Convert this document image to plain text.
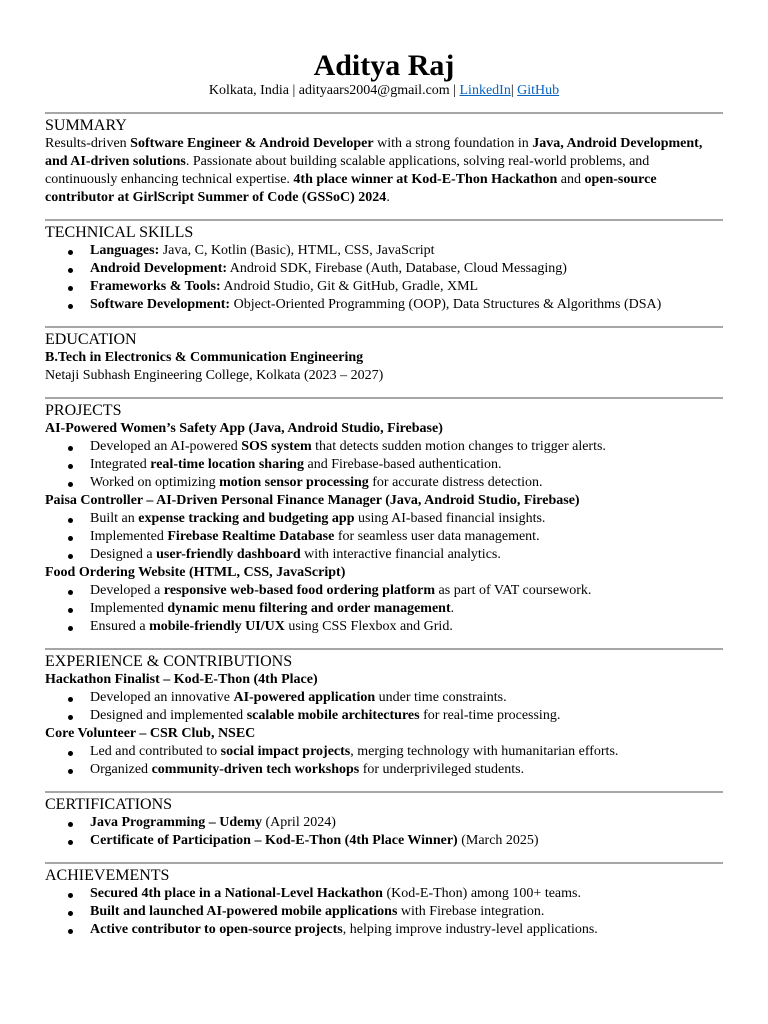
Aditya Raj
Kolkata, India | adityaars2004@gmail.com | LinkedIn| GitHub
SUMMARY

Results-driven Software Engineer & Android Developer with a strong foundation in Java, Android Development, and AI-driven solutions. Passionate about building scalable applications, solving real-world problems, and continuously enhancing technical expertise. 4th place winner at Kod-E-Thon Hackathon and open-source contributor at GirlScript Summer of Code (GSSoC) 2024.

TECHNICAL SKILLS
Languages: Java, C, Kotlin (Basic), HTML, CSS, JavaScript
Android Development: Android SDK, Firebase (Auth, Database, Cloud Messaging)
Frameworks & Tools: Android Studio, Git & GitHub, Gradle, XML
Software Development: Object-Oriented Programming (OOP), Data Structures & Algorithms (DSA)
EDUCATION

B.Tech in Electronics & Communication Engineering

Netaji Subhash Engineering College, Kolkata (2023 – 2027)
PROJECTS

AI-Powered Women’s Safety App (Java, Android Studio, Firebase)

Developed an AI-powered SOS system that detects sudden motion changes to trigger alerts.
Integrated real-time location sharing and Firebase-based authentication.
Worked on optimizing motion sensor processing for accurate distress detection.

Paisa Controller – AI-Driven Personal Finance Manager (Java, Android Studio, Firebase)

Built an expense tracking and budgeting app using AI-based financial insights.
Implemented Firebase Realtime Database for seamless user data management.
Designed a user-friendly dashboard with interactive financial analytics.

Food Ordering Website (HTML, CSS, JavaScript)

Developed a responsive web-based food ordering platform as part of VAT coursework.
Implemented dynamic menu filtering and order management.
Ensured a mobile-friendly UI/UX using CSS Flexbox and Grid.
EXPERIENCE & CONTRIBUTIONS

Hackathon Finalist – Kod-E-Thon (4th Place)

Developed an innovative AI-powered application under time constraints.
Designed and implemented scalable mobile architectures for real-time processing.

Core Volunteer – CSR Club, NSEC

Led and contributed to social impact projects, merging technology with humanitarian efforts.
Organized community-driven tech workshops for underprivileged students.
CERTIFICATIONS
Java Programming – Udemy (April 2024)
Certificate of Participation – Kod-E-Thon (4th Place Winner) (March 2025)
ACHIEVEMENTS
Secured 4th place in a National-Level Hackathon (Kod-E-Thon) among 100+ teams.
Built and launched AI-powered mobile applications with Firebase integration.
Active contributor to open-source projects, helping improve industry-level applications.
